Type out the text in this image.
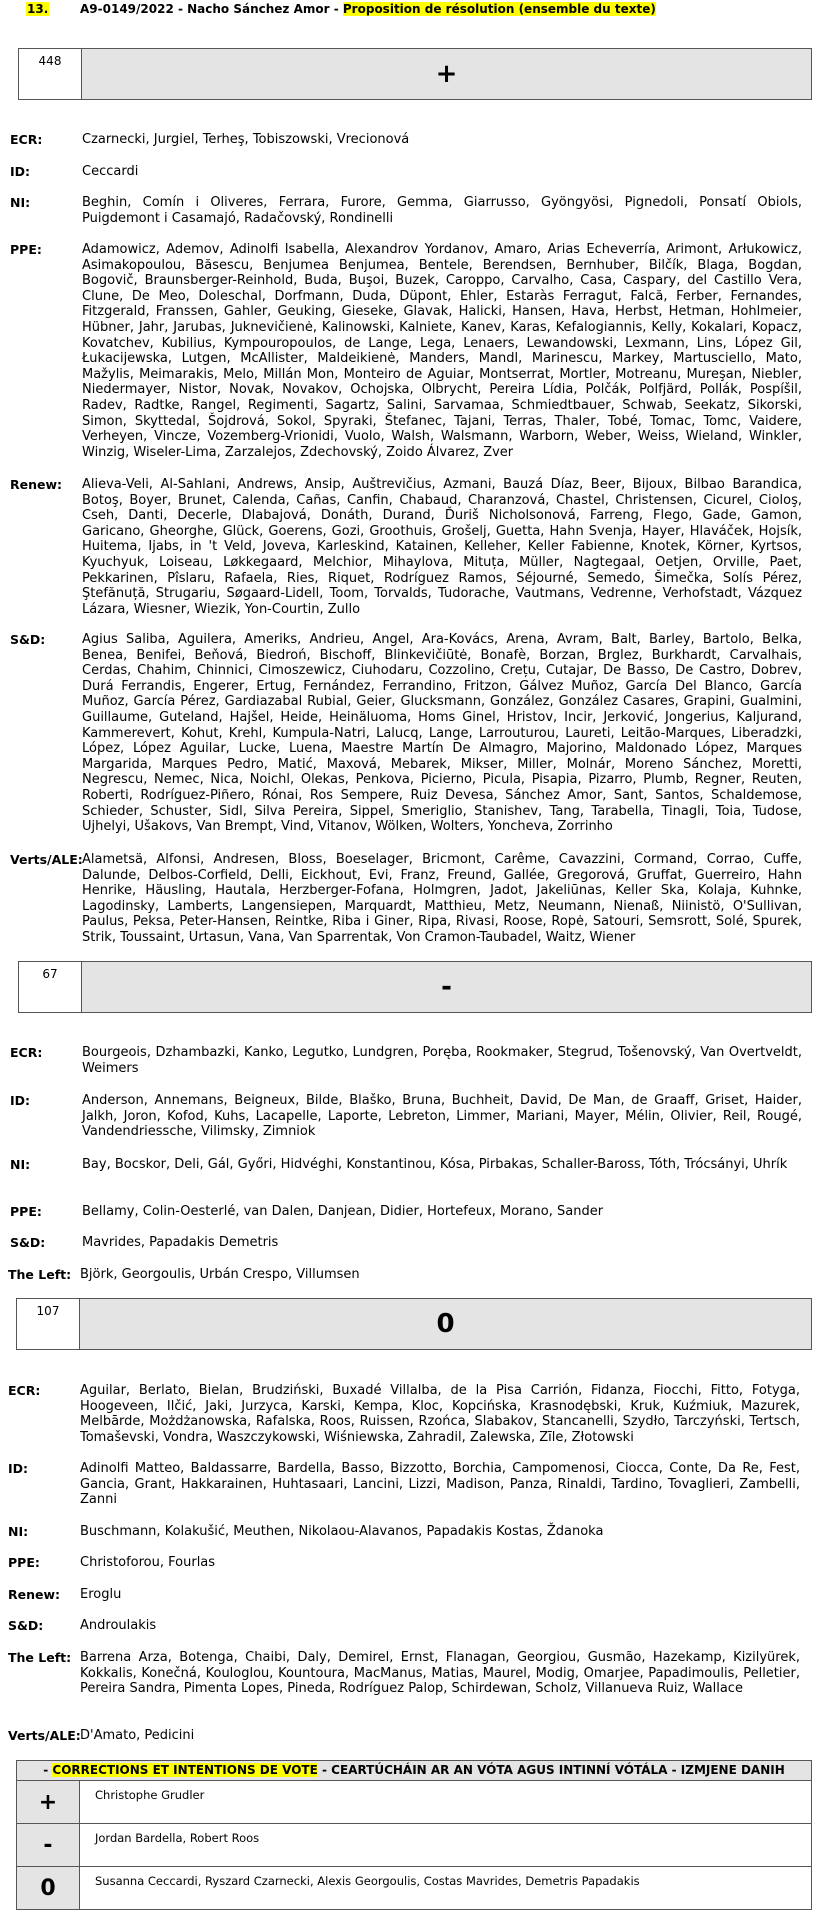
13.	A9-0149/2022 - Nacho Sánchez Amor - Proposition de résolution (ensemble du texte)
448	+
ECR:	Czarnecki, Jurgiel, Terheş, Tobiszowski, Vrecionová
ID:	Ceccardi
NI:	Beghin, Comín i Oliveres, Ferrara, Furore, Gemma, Giarrusso, Gyöngyösi, Pignedoli, Ponsatí Obiols, Puigdemont i Casamajó, Radačovský, Rondinelli
PPE:	Adamowicz, Ademov, Adinolfi Isabella, Alexandrov Yordanov, Amaro, Arias Echeverría, Arimont, Arłukowicz, Asimakopoulou, Băsescu, Benjumea Benjumea, Bentele, Berendsen, Bernhuber, Bilčík, Blaga, Bogdan, Bogovič, Braunsberger-Reinhold, Buda, Buşoi, Buzek, Caroppo, Carvalho, Casa, Caspary, del Castillo Vera, Clune, De Meo, Doleschal, Dorfmann, Duda, Düpont, Ehler, Estaràs Ferragut, Falcă, Ferber, Fernandes, Fitzgerald, Franssen, Gahler, Geuking, Gieseke, Glavak, Halicki, Hansen, Hava, Herbst, Hetman, Hohlmeier, Hübner, Jahr, Jarubas, Juknevičienė, Kalinowski, Kalniete, Kanev, Karas, Kefalogiannis, Kelly, Kokalari, Kopacz, Kovatchev, Kubilius, Kympouropoulos, de Lange, Lega, Lenaers, Lewandowski, Lexmann, Lins, López Gil, Łukacijewska, Lutgen, McAllister, Maldeikienė, Manders, Mandl, Marinescu, Markey, Martusciello, Mato, Mažylis, Meimarakis, Melo, Millán Mon, Monteiro de Aguiar, Montserrat, Mortler, Motreanu, Mureşan, Niebler, Niedermayer, Nistor, Novak, Novakov, Ochojska, Olbrycht, Pereira Lídia, Polčák, Polfjärd, Pollák, Pospíšil, Radev, Radtke, Rangel, Regimenti, Sagartz, Salini, Sarvamaa, Schmiedtbauer, Schwab, Seekatz, Sikorski, Simon, Skyttedal, Šojdrová, Sokol, Spyraki, Štefanec, Tajani, Terras, Thaler, Tobé, Tomac, Tomc, Vaidere, Verheyen, Vincze, Vozemberg-Vrionidi, Vuolo, Walsh, Walsmann, Warborn, Weber, Weiss, Wieland, Winkler, Winzig, Wiseler-Lima, Zarzalejos, Zdechovský, Zoido Álvarez, Zver
Renew: Alieva-Veli, Al-Sahlani, Andrews, Ansip, Auštrevičius, Azmani, Bauzá Díaz, Beer, Bijoux, Bilbao Barandica, Botoş, Boyer, Brunet, Calenda, Cañas, Canfin, Chabaud, Charanzová, Chastel, Christensen, Cicurel, Cioloş, Cseh, Danti, Decerle, Dlabajová, Donáth, Durand, Ďuriš Nicholsonová, Farreng, Flego, Gade, Gamon, Garicano, Gheorghe, Glück, Goerens, Gozi, Groothuis, Grošelj, Guetta, Hahn Svenja, Hayer, Hlaváček, Hojsík, Huitema, Ijabs, in 't Veld, Joveva, Karleskind, Katainen, Kelleher, Keller Fabienne, Knotek, Körner, Kyrtsos, Kyuchyuk, Loiseau, Løkkegaard, Melchior, Mihaylova, Mituța, Müller, Nagtegaal, Oetjen, Orville, Paet, Pekkarinen, Pîslaru, Rafaela, Ries, Riquet, Rodríguez Ramos, Séjourné, Semedo, Šimečka, Solís Pérez, Ştefănuță, Strugariu, Søgaard-Lidell, Toom, Torvalds, Tudorache, Vautmans, Vedrenne, Verhofstadt, Vázquez Lázara, Wiesner, Wiezik, Yon-Courtin, Zullo
S&D:	Agius Saliba, Aguilera, Ameriks, Andrieu, Angel, Ara-Kovács, Arena, Avram, Balt, Barley, Bartolo, Belka, Benea, Benifei, Beňová, Biedroń, Bischoff, Blinkevičiūtė, Bonafè, Borzan, Brglez, Burkhardt, Carvalhais, Cerdas, Chahim, Chinnici, Cimoszewicz, Ciuhodaru, Cozzolino, Crețu, Cutajar, De Basso, De Castro, Dobrev, Durá Ferrandis, Engerer, Ertug, Fernández, Ferrandino, Fritzon, Gálvez Muñoz, García Del Blanco, García Muñoz, García Pérez, Gardiazabal Rubial, Geier, Glucksmann, González, González Casares, Grapini, Gualmini, Guillaume, Guteland, Hajšel, Heide, Heinäluoma, Homs Ginel, Hristov, Incir, Jerković, Jongerius, Kaljurand, Kammerevert, Kohut, Krehl, Kumpula-Natri, Lalucq, Lange, Larrouturou, Laureti, Leitão-Marques, Liberadzki, López, López Aguilar, Lucke, Luena, Maestre Martín De Almagro, Majorino, Maldonado López, Marques Margarida, Marques Pedro, Matić, Maxová, Mebarek, Mikser, Miller, Molnár, Moreno Sánchez, Moretti, Negrescu, Nemec, Nica, Noichl, Olekas, Penkova, Picierno, Picula, Pisapia, Pizarro, Plumb, Regner, Reuten, Roberti, Rodríguez-Piñero, Rónai, Ros Sempere, Ruiz Devesa, Sánchez Amor, Sant, Santos, Schaldemose, Schieder, Schuster, Sidl, Silva Pereira, Sippel, Smeriglio, Stanishev, Tang, Tarabella, Tinagli, Toia, Tudose, Ujhelyi, Ušakovs, Van Brempt, Vind, Vitanov, Wölken, Wolters, Yoncheva, Zorrinho
Verts/ALE: Alametsä, Alfonsi, Andresen, Bloss, Boeselager, Bricmont, Carême, Cavazzini, Cormand, Corrao, Cuffe, Dalunde, Delbos-Corfield, Delli, Eickhout, Evi, Franz, Freund, Gallée, Gregorová, Gruffat, Guerreiro, Hahn Henrike, Häusling, Hautala, Herzberger-Fofana, Holmgren, Jadot, Jakeliūnas, Keller Ska, Kolaja, Kuhnke, Lagodinsky, Lamberts, Langensiepen, Marquardt, Matthieu, Metz, Neumann, Nienaß, Niinistö, O'Sullivan, Paulus, Peksa, Peter-Hansen, Reintke, Riba i Giner, Ripa, Rivasi, Roose, Ropė, Satouri, Semsrott, Solé, Spurek, Strik, Toussaint, Urtasun, Vana, Van Sparrentak, Von Cramon-Taubadel, Waitz, Wiener
67	-
ECR:	Bourgeois, Dzhambazki, Kanko, Legutko, Lundgren, Poręba, Rookmaker, Stegrud, Tošenovský, Van Overtveldt, Weimers
ID:	Anderson, Annemans, Beigneux, Bilde, Blaško, Bruna, Buchheit, David, De Man, de Graaff, Griset, Haider, Jalkh, Joron, Kofod, Kuhs, Lacapelle, Laporte, Lebreton, Limmer, Mariani, Mayer, Mélin, Olivier, Reil, Rougé, Vandendriessche, Vilimsky, Zimniok
NI:	Bay, Bocskor, Deli, Gál, Győri, Hidvéghi, Konstantinou, Kósa, Pirbakas, Schaller-Baross, Tóth, Trócsányi, Uhrík
PPE:	Bellamy, Colin-Oesterlé, van Dalen, Danjean, Didier, Hortefeux, Morano, Sander
S&D:	Mavrides, Papadakis Demetris
The Left: Björk, Georgoulis, Urbán Crespo, Villumsen
107	0
ECR:	Aguilar, Berlato, Bielan, Brudziński, Buxadé Villalba, de la Pisa Carrión, Fidanza, Fiocchi, Fitto, Fotyga, Hoogeveen, Ilčić, Jaki, Jurzyca, Karski, Kempa, Kloc, Kopcińska, Krasnodębski, Kruk, Kuźmiuk, Mazurek, Melbārde, Możdżanowska, Rafalska, Roos, Ruissen, Rzońca, Slabakov, Stancanelli, Szydło, Tarczyński, Tertsch, Tomaševski, Vondra, Waszczykowski, Wiśniewska, Zahradil, Zalewska, Zīle, Złotowski
ID:	Adinolfi Matteo, Baldassarre, Bardella, Basso, Bizzotto, Borchia, Campomenosi, Ciocca, Conte, Da Re, Fest, Gancia, Grant, Hakkarainen, Huhtasaari, Lancini, Lizzi, Madison, Panza, Rinaldi, Tardino, Tovaglieri, Zambelli, Zanni
NI:	Buschmann, Kolakušić, Meuthen, Nikolaou-Alavanos, Papadakis Kostas, Ždanoka
PPE:	Christoforou, Fourlas
Renew: Eroglu
S&D:	Androulakis
The Left: Barrena Arza, Botenga, Chaibi, Daly, Demirel, Ernst, Flanagan, Georgiou, Gusmão, Hazekamp, Kizilyürek, Kokkalis, Konečná, Kouloglou, Kountoura, MacManus, Matias, Maurel, Modig, Omarjee, Papadimoulis, Pelletier, Pereira Sandra, Pimenta Lopes, Pineda, Rodríguez Palop, Schirdewan, Scholz, Villanueva Ruiz, Wallace
Verts/ALE: D'Amato, Pedicini
- CORRECTIONS ET INTENTIONS DE VOTE - CEARTÚCHÁIN AR AN VÓTA AGUS INTINNÍ VÓTÁLA - IZMJENE DANIH
+	Christophe Grudler
-	Jordan Bardella, Robert Roos
0	Susanna Ceccardi, Ryszard Czarnecki, Alexis Georgoulis, Costas Mavrides, Demetris Papadakis
